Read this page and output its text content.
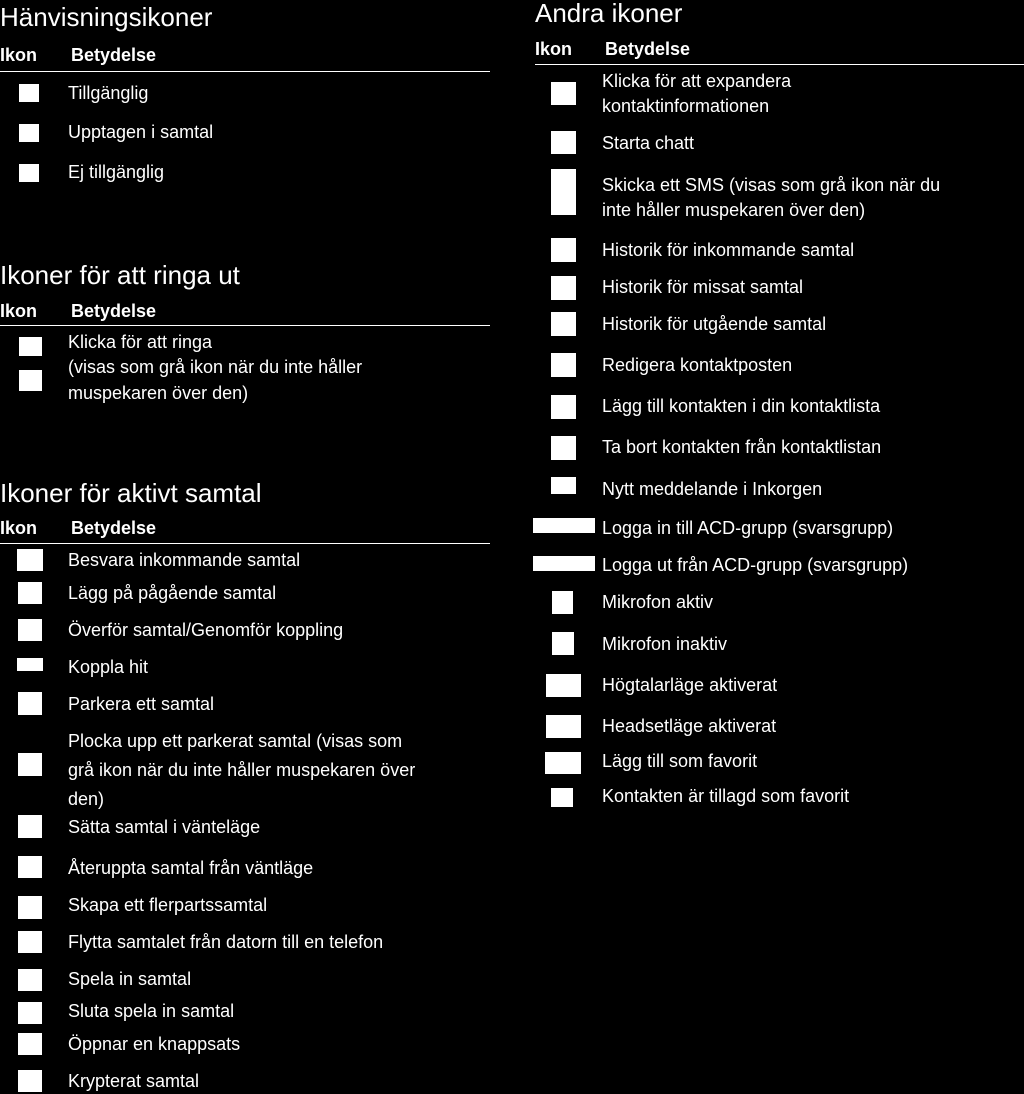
Hänvisningsikoner
Ikon Betydelse
Tillgänglig
Upptagen i samtal
Ej tillgänglig
Ikoner för att ringa ut
Ikon Betydelse
Klicka för att ringa
(visas som grå ikon när du inte håller
muspekaren över den)
Ikoner för aktivt samtal
Ikon Betydelse
Besvara inkommande samtal
Lägg på pågående samtal
Överför samtal/Genomför koppling
Koppla hit
Parkera ett samtal
Plocka upp ett parkerat samtal (visas som
grå ikon när du inte håller muspekaren över
den)
Sätta samtal i vänteläge
Återuppta samtal från väntläge
Skapa ett flerpartssamtal
Flytta samtalet från datorn till en telefon
Spela in samtal
Sluta spela in samtal
Öppnar en knappsats
Krypterat samtal
Andra ikoner
Ikon Betydelse
Klicka för att expandera
kontaktinformationen
Starta chatt
Skicka ett SMS (visas som grå ikon när du
inte håller muspekaren över den)
Historik för inkommande samtal
Historik för missat samtal
Historik för utgående samtal
Redigera kontaktposten
Lägg till kontakten i din kontaktlista
Ta bort kontakten från kontaktlistan
Nytt meddelande i Inkorgen
Logga in till ACD-grupp (svarsgrupp)
Logga ut från ACD-grupp (svarsgrupp)
Mikrofon aktiv
Mikrofon inaktiv
Högtalarläge aktiverat
Headsetläge aktiverat
Lägg till som favorit
Kontakten är tillagd som favorit
